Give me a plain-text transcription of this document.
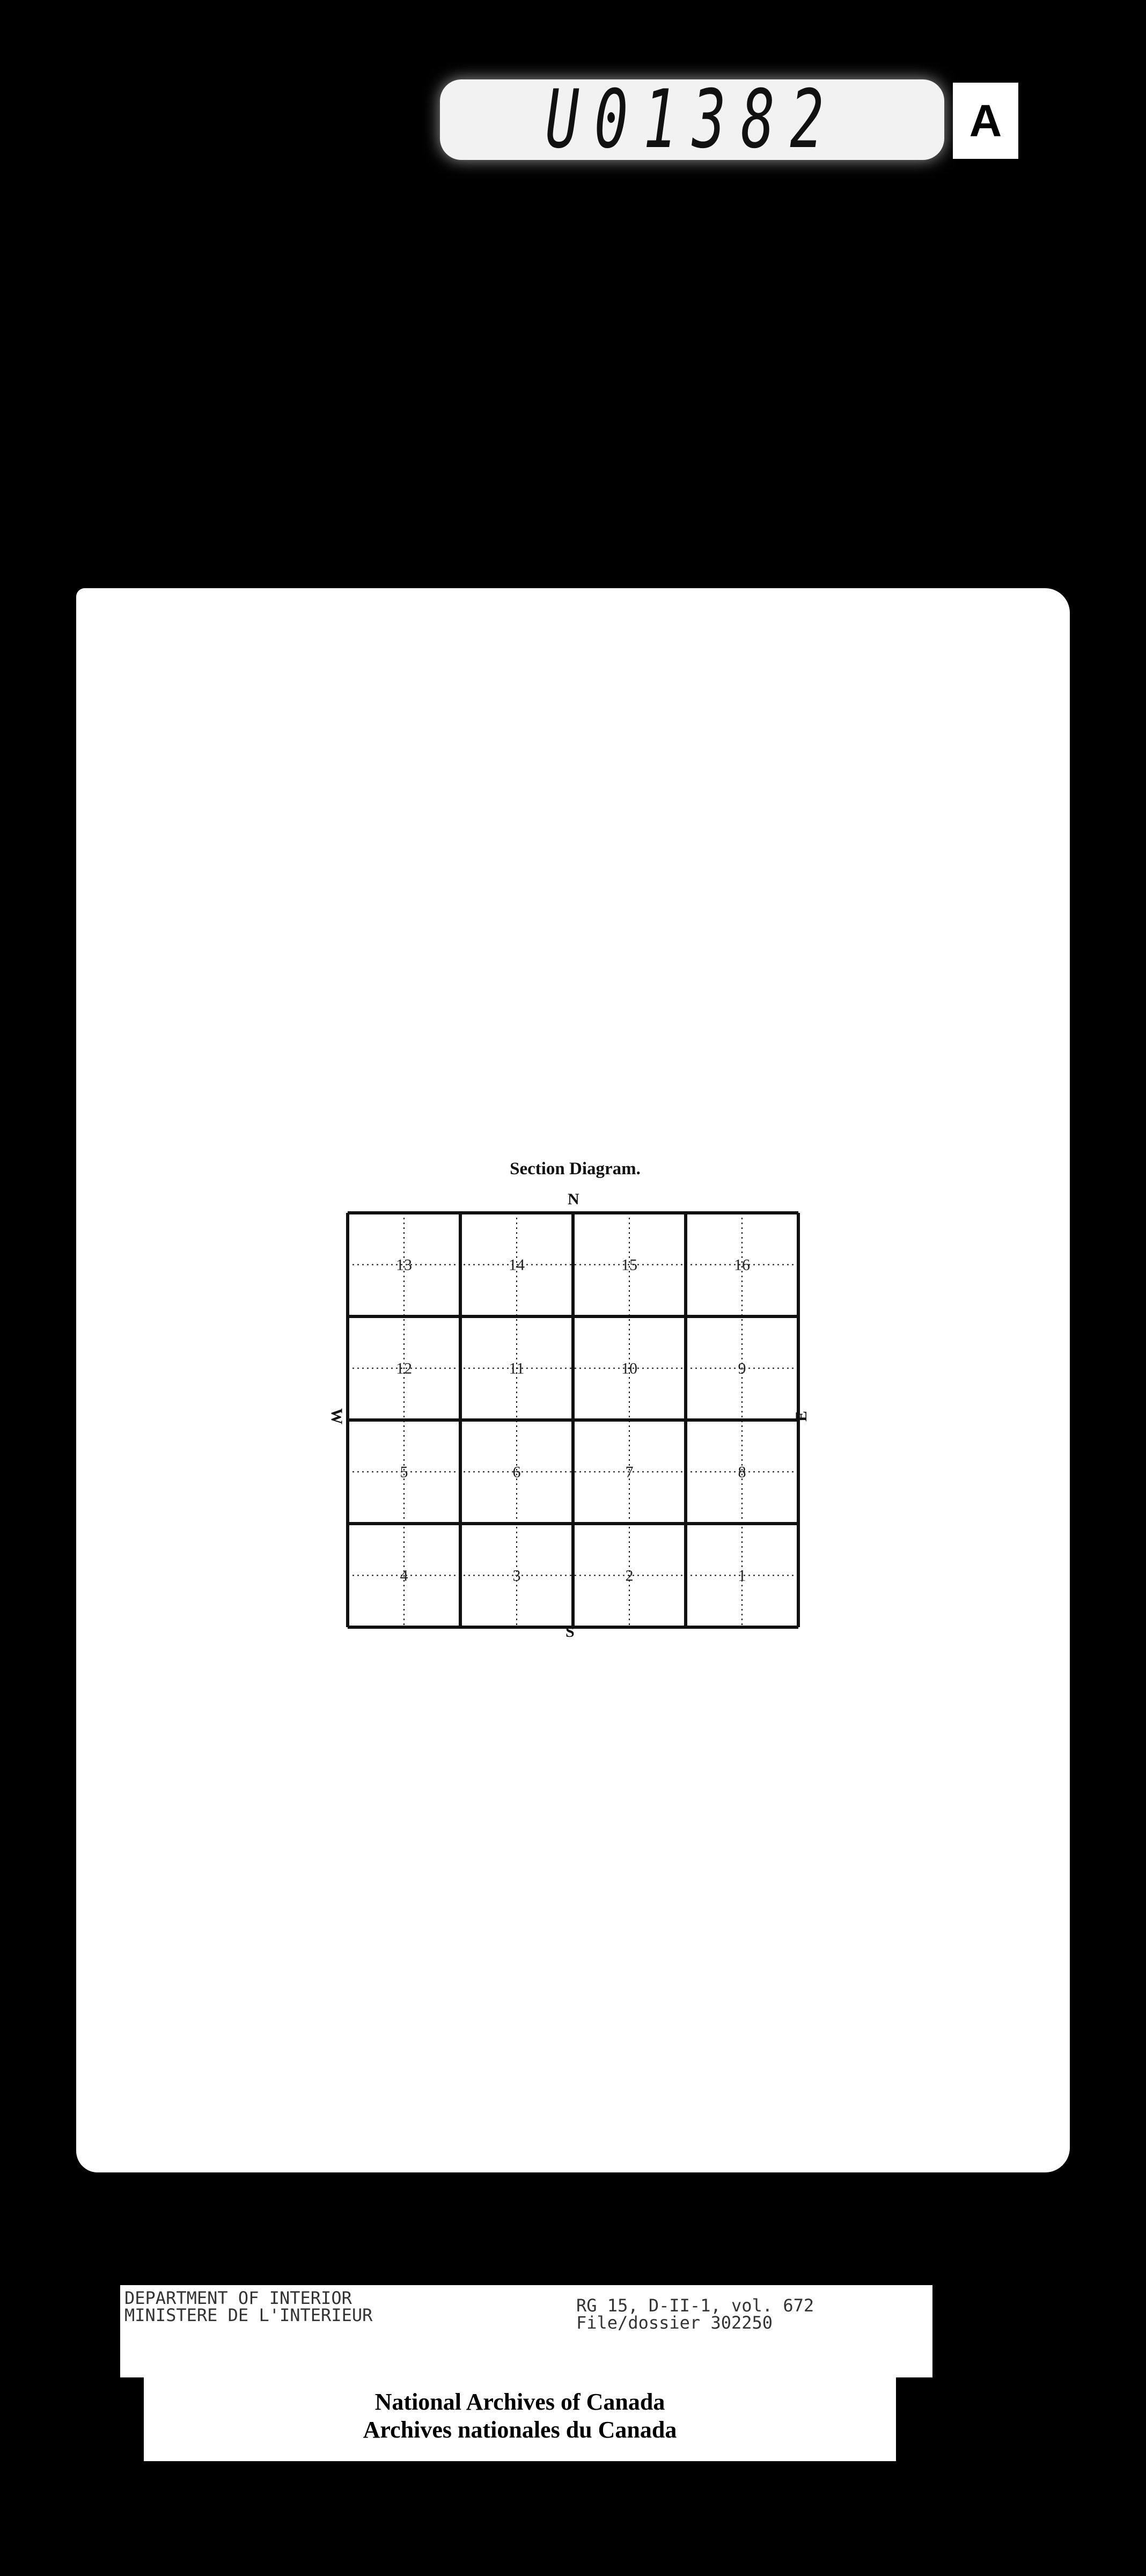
U01382	A
Section Diagram.
N
S
W	E
13	14	15	16
12	11	10	9
5	6	7	8
4	3	2	1
DEPARTMENT OF INTERIOR
MINISTERE DE L'INTERIEUR	RG 15, D-II-1, vol. 672
File/dossier 302250
National Archives of Canada
Archives nationales du Canada
